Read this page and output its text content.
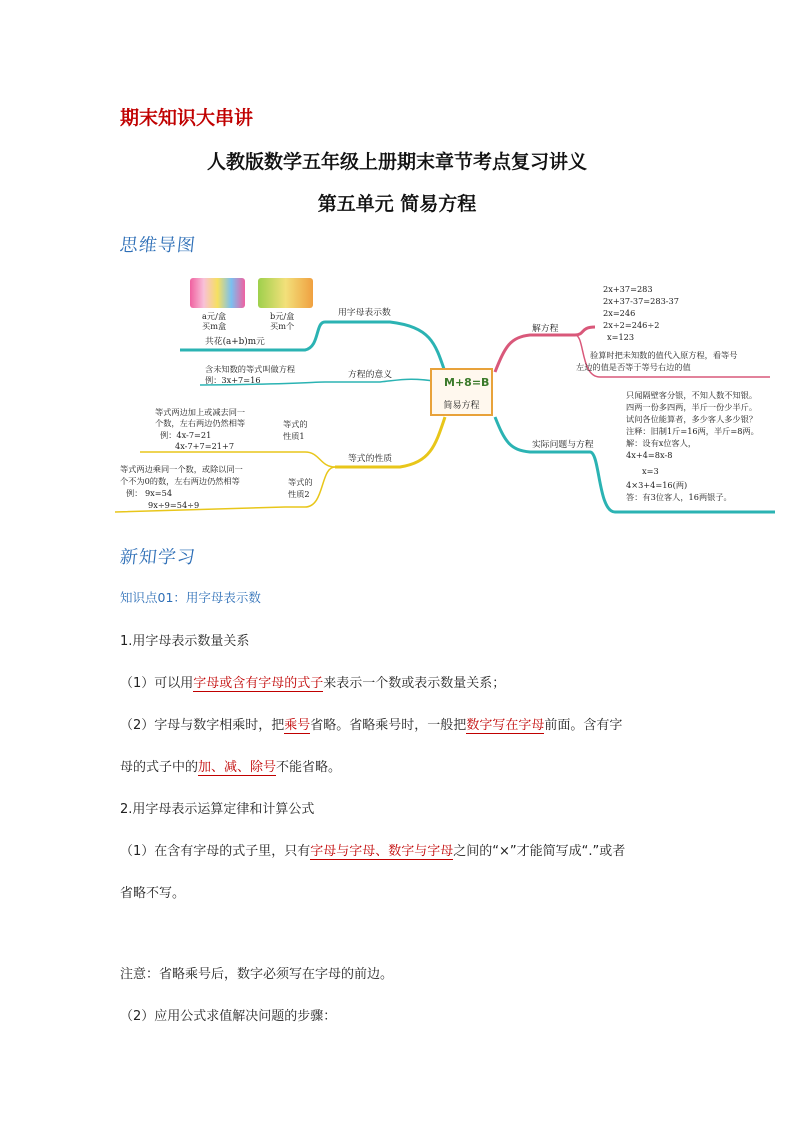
期末知识大串讲
人教版数学五年级上册期末章节考点复习讲义
第五单元 简易方程
思维导图
a元/盒
买m盒
b元/盒
买m个
共花(a+b)m元
用字母表示数
方程的意义
含未知数的等式叫做方程
例：3x+7=16
等式的性质
等式的
性质1
等式两边加上或减去同一
个数，左右两边仍然相等
例：4x-7=21
4x-7+7=21+7
等式的
性质2
等式两边乘同一个数，或除以同一
个不为0的数，左右两边仍然相等
例： 9x=54
9x÷9=54÷9
M+8=B
简易方程
解方程
2x+37=283
2x+37-37=283-37
2x=246
2x÷2=246÷2
x=123
验算时把未知数的值代入原方程，看等号
左边的值是否等于等号右边的值
实际问题与方程
只闻隔壁客分银，不知人数不知银。
四两一份多四两，半斤一份少半斤。
试问各位能算者，多少客人多少银？
注释：旧制1斤=16两，半斤=8两。
解：设有x位客人，
4x+4=8x-8
x=3
4×3+4=16(两)
答：有3位客人，16两银子。
新知学习
知识点01：用字母表示数
1.用字母表示数量关系
（1）可以用字母或含有字母的式子来表示一个数或表示数量关系；
（2）字母与数字相乘时，把乘号省略。省略乘号时，一般把数字写在字母前面。含有字
母的式子中的加、减、除号不能省略。
2.用字母表示运算定律和计算公式
（1）在含有字母的式子里，只有字母与字母、数字与字母之间的“×”才能简写成“.”或者
省略不写。
注意：省略乘号后，数字必须写在字母的前边。
（2）应用公式求值解决问题的步骤：
